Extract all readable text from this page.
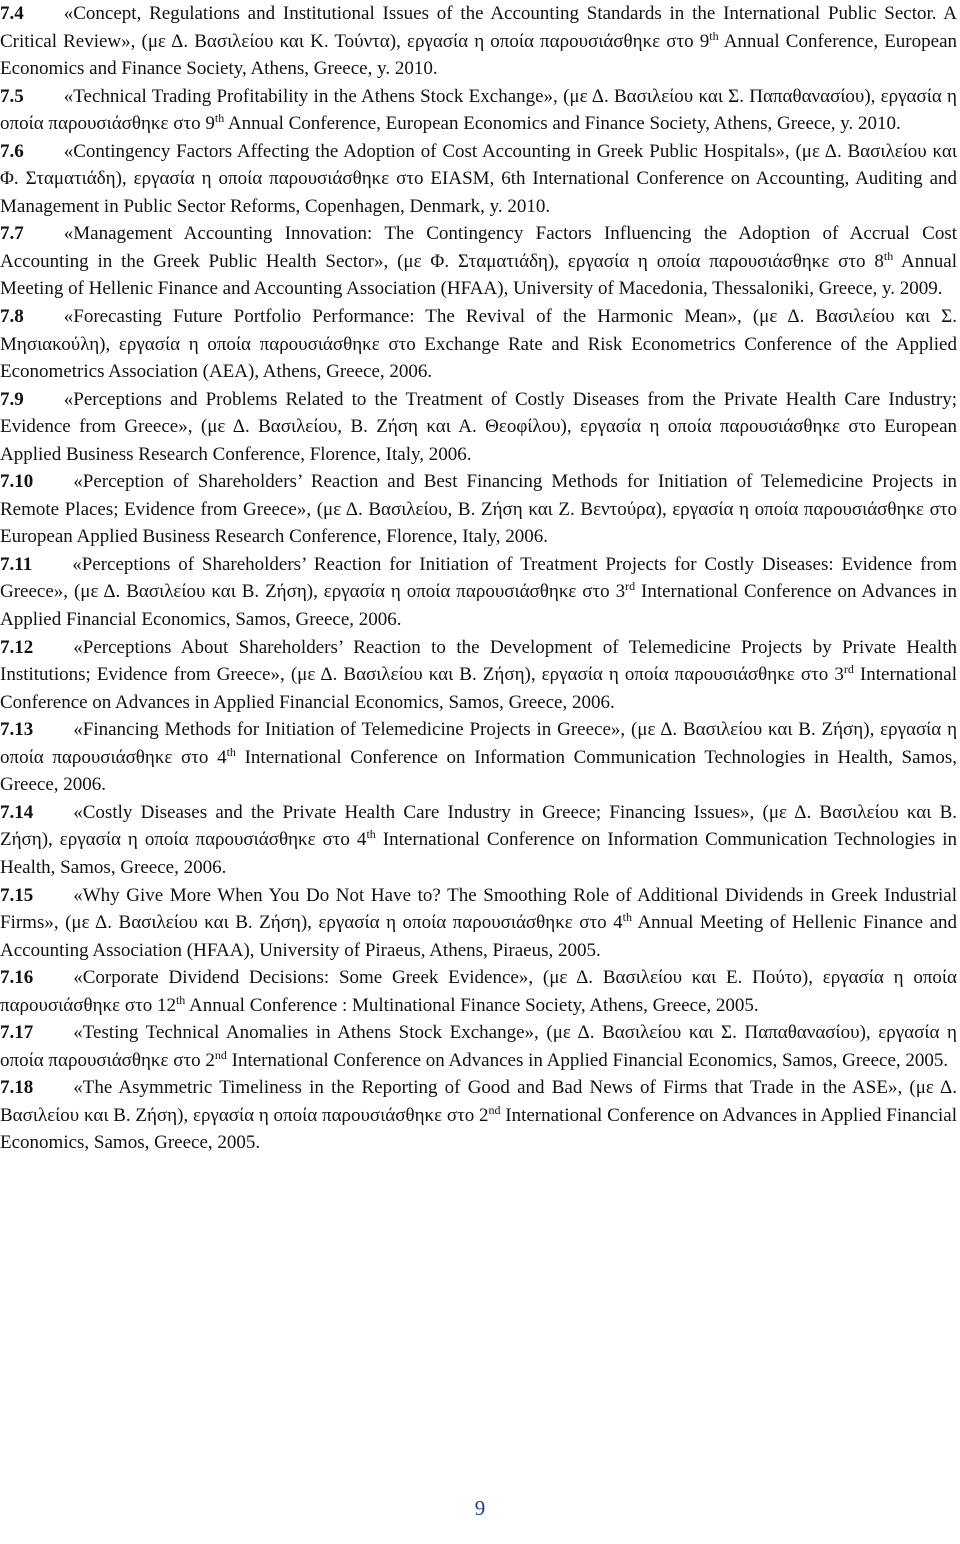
7.4 «Concept, Regulations and Institutional Issues of the Accounting Standards in the International Public Sector. A Critical Review», (με Δ. Βασιλείου και Κ. Τούντα), εργασία η οποία παρουσιάσθηκε στο 9th Annual Conference, European Economics and Finance Society, Athens, Greece, y. 2010.

7.5 «Technical Trading Profitability in the Athens Stock Exchange», (με Δ. Βασιλείου και Σ. Παπαθανασίου), εργασία η οποία παρουσιάσθηκε στο 9th Annual Conference, European Economics and Finance Society, Athens, Greece, y. 2010.

7.6 «Contingency Factors Affecting the Adoption of Cost Accounting in Greek Public Hospitals», (με Δ. Βασιλείου και Φ. Σταματιάδη), εργασία η οποία παρουσιάσθηκε στο EIASM, 6th International Conference on Accounting, Auditing and Management in Public Sector Reforms, Copenhagen, Denmark, y. 2010.

7.7 «Management Accounting Innovation: The Contingency Factors Influencing the Adoption of Accrual Cost Accounting in the Greek Public Health Sector», (με Φ. Σταματιάδη), εργασία η οποία παρουσιάσθηκε στο 8th Annual Meeting of Hellenic Finance and Accounting Association (HFAA), University of Macedonia, Thessaloniki, Greece, y. 2009.

7.8 «Forecasting Future Portfolio Performance: The Revival of the Harmonic Mean», (με Δ. Βασιλείου και Σ. Μησιακούλη), εργασία η οποία παρουσιάσθηκε στο Exchange Rate and Risk Econometrics Conference of the Applied Econometrics Association (AEA), Athens, Greece, 2006.

7.9 «Perceptions and Problems Related to the Treatment of Costly Diseases from the Private Health Care Industry; Evidence from Greece», (με Δ. Βασιλείου, Β. Ζήση και Α. Θεοφίλου), εργασία η οποία παρουσιάσθηκε στο European Applied Business Research Conference, Florence, Italy, 2006.

7.10 «Perception of Shareholders’ Reaction and Best Financing Methods for Initiation of Telemedicine Projects in Remote Places; Evidence from Greece», (με Δ. Βασιλείου, Β. Ζήση και Ζ. Βεντούρα), εργασία η οποία παρουσιάσθηκε στο European Applied Business Research Conference, Florence, Italy, 2006.

7.11 «Perceptions of Shareholders’ Reaction for Initiation of Treatment Projects for Costly Diseases: Evidence from Greece», (με Δ. Βασιλείου και Β. Ζήση), εργασία η οποία παρουσιάσθηκε στο 3rd International Conference on Advances in Applied Financial Economics, Samos, Greece, 2006.

7.12 «Perceptions About Shareholders’ Reaction to the Development of Telemedicine Projects by Private Health Institutions; Evidence from Greece», (με Δ. Βασιλείου και Β. Ζήση), εργασία η οποία παρουσιάσθηκε στο 3rd International Conference on Advances in Applied Financial Economics, Samos, Greece, 2006.

7.13 «Financing Methods for Initiation of Telemedicine Projects in Greece», (με Δ. Βασιλείου και Β. Ζήση), εργασία η οποία παρουσιάσθηκε στο 4th International Conference on Information Communication Technologies in Health, Samos, Greece, 2006.

7.14 «Costly Diseases and the Private Health Care Industry in Greece; Financing Issues», (με Δ. Βασιλείου και Β. Ζήση), εργασία η οποία παρουσιάσθηκε στο 4th International Conference on Information Communication Technologies in Health, Samos, Greece, 2006.

7.15 «Why Give More When You Do Not Have to? The Smoothing Role of Additional Dividends in Greek Industrial Firms», (με Δ. Βασιλείου και Β. Ζήση), εργασία η οποία παρουσιάσθηκε στο 4th Annual Meeting of Hellenic Finance and Accounting Association (HFAA), University of Piraeus, Athens, Piraeus, 2005.

7.16 «Corporate Dividend Decisions: Some Greek Evidence», (με Δ. Βασιλείου και Ε. Πούτο), εργασία η οποία παρουσιάσθηκε στο 12th Annual Conference : Multinational Finance Society, Athens, Greece, 2005.

7.17 «Testing Technical Anomalies in Athens Stock Exchange», (με Δ. Βασιλείου και Σ. Παπαθανασίου), εργασία η οποία παρουσιάσθηκε στο 2nd International Conference on Advances in Applied Financial Economics, Samos, Greece, 2005.

7.18 «The Asymmetric Timeliness in the Reporting of Good and Bad News of Firms that Trade in the ASE», (με Δ. Βασιλείου και Β. Ζήση), εργασία η οποία παρουσιάσθηκε στο 2nd International Conference on Advances in Applied Financial Economics, Samos, Greece, 2005.

9
